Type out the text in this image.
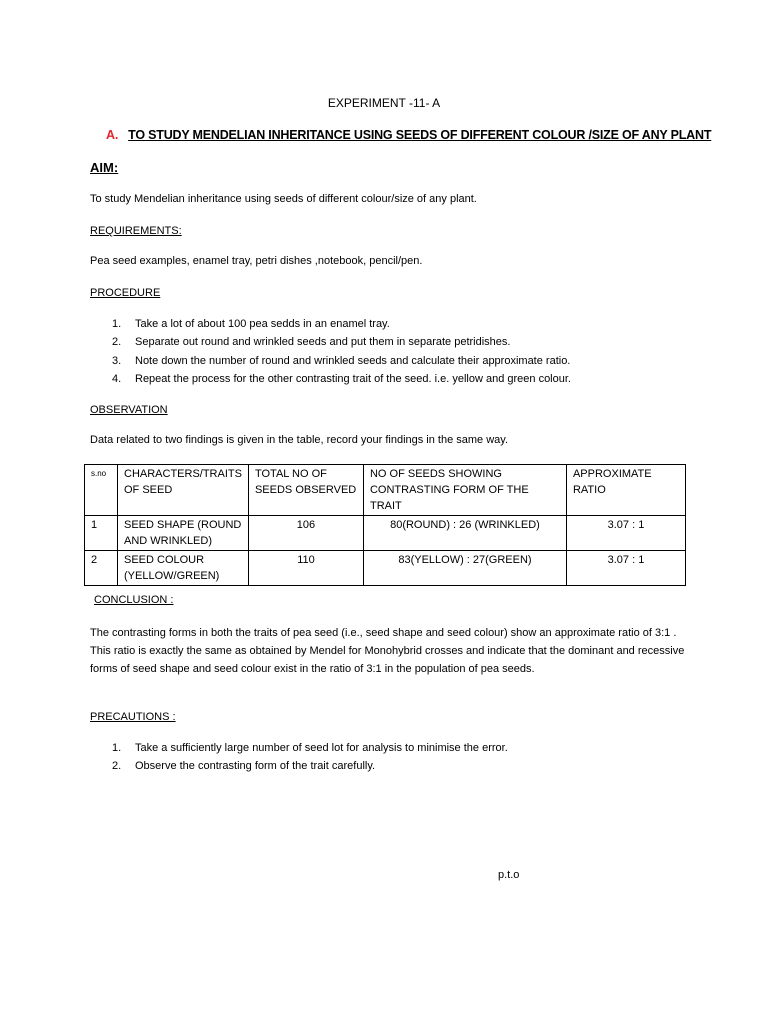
EXPERIMENT -11- A
A. TO STUDY MENDELIAN INHERITANCE USING SEEDS OF DIFFERENT COLOUR /SIZE OF ANY PLANT
AIM:
To study Mendelian inheritance using seeds of different colour/size of any plant.
REQUIREMENTS:
Pea seed examples, enamel tray, petri dishes ,notebook, pencil/pen.
PROCEDURE
1.	Take a lot of about 100 pea sedds in an enamel tray.
2.	Separate out round and wrinkled seeds and put them in separate petridishes.
3.	Note down the number of round and wrinkled seeds and calculate their approximate ratio.
4.	Repeat the process for the other contrasting trait of the seed. i.e. yellow and green colour.
OBSERVATION
Data related to two findings is given in the table, record your findings in the same way.
s.no	CHARACTERS/TRAITS OF SEED	TOTAL NO OF SEEDS OBSERVED	NO OF SEEDS SHOWING CONTRASTING FORM OF THE TRAIT	APPROXIMATE RATIO
1	SEED SHAPE (ROUND AND WRINKLED)	106	80(ROUND) : 26 (WRINKLED)	3.07 : 1
2	SEED COLOUR (YELLOW/GREEN)	110	83(YELLOW) : 27(GREEN)	3.07 : 1
CONCLUSION :
The contrasting forms in both the traits of pea seed (i.e., seed shape and seed colour) show an approximate ratio of 3:1 . This ratio is exactly the same as obtained by Mendel for Monohybrid crosses and indicate that the dominant and recessive forms of seed shape and seed colour exist in the ratio of 3:1 in the population of pea seeds.
PRECAUTIONS :
1.	Take a sufficiently large number of seed lot for analysis to minimise the error.
2.	Observe the contrasting form of the trait carefully.
p.t.o
